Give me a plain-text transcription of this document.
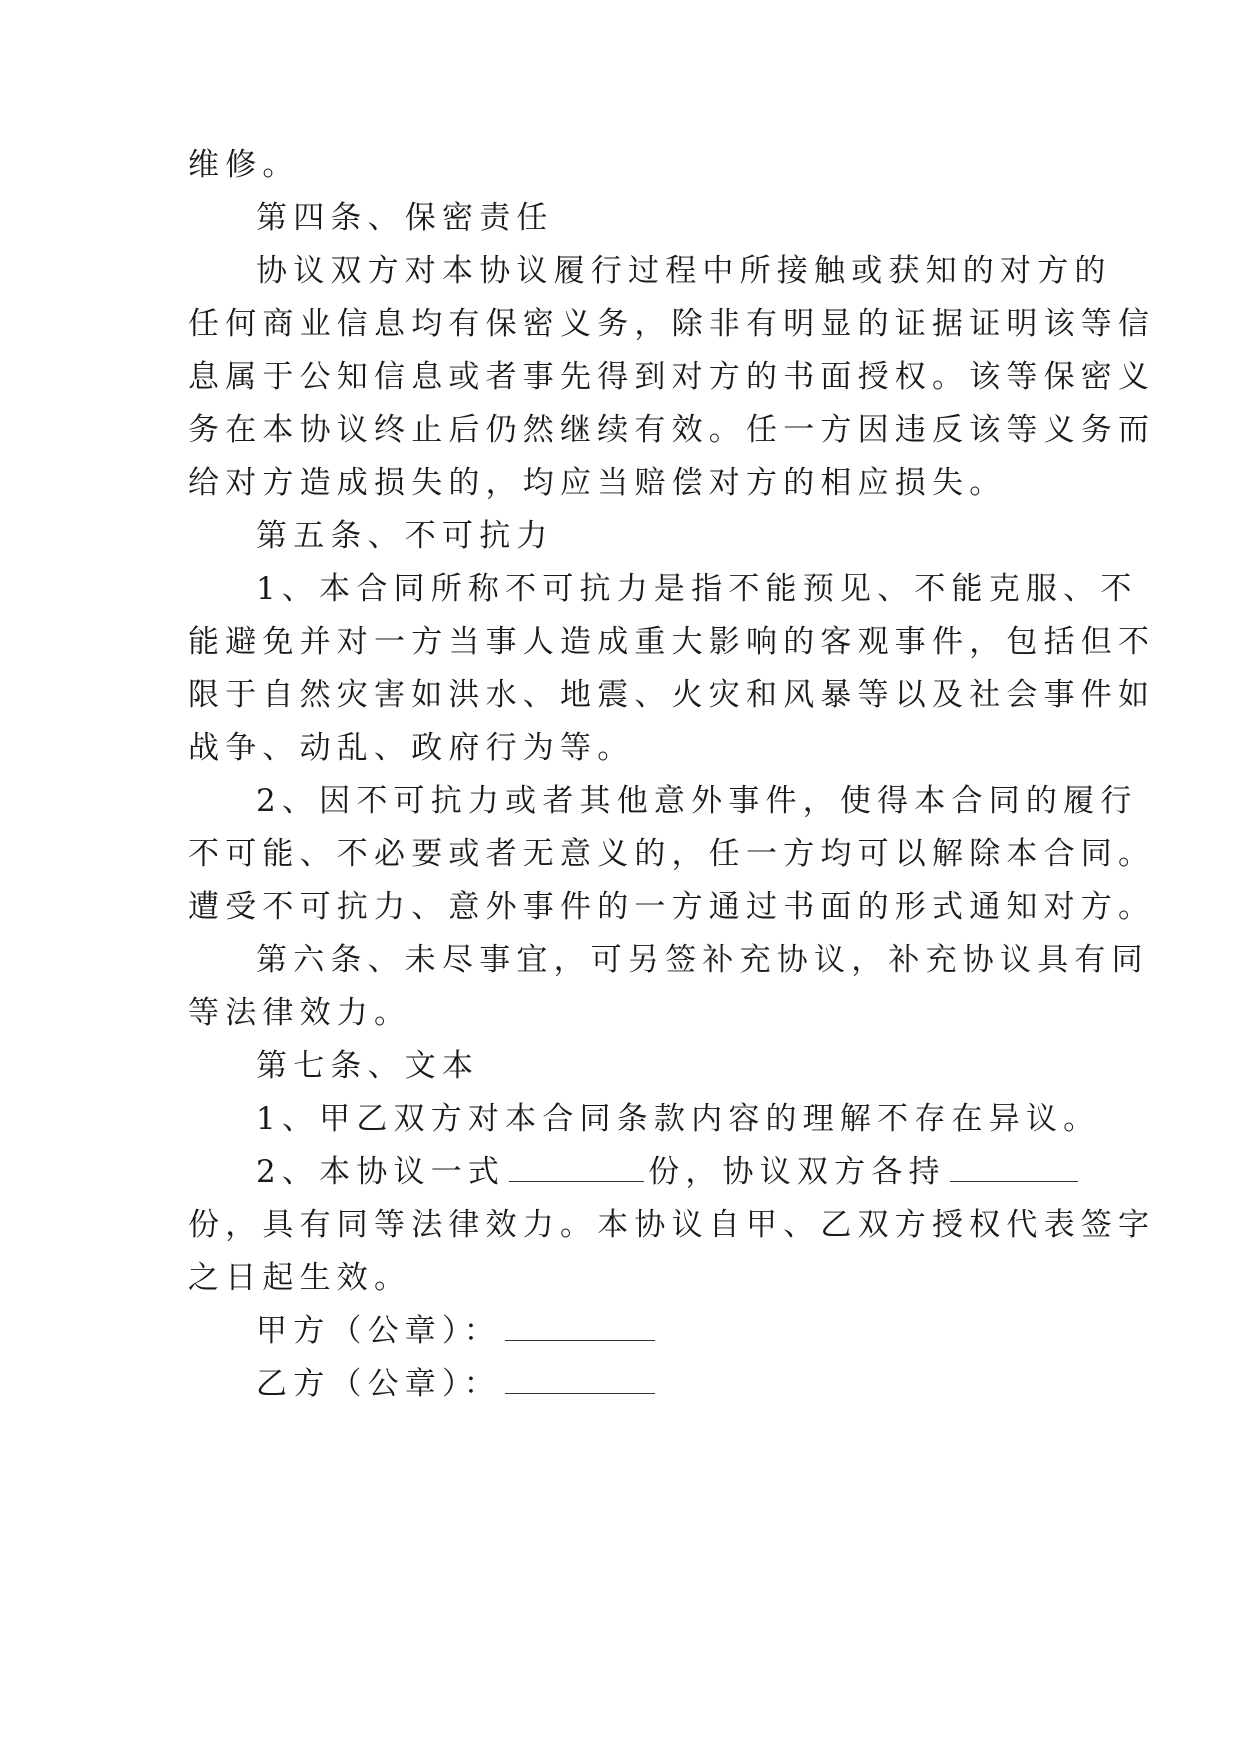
维修。
第四条、保密责任
协议双方对本协议履行过程中所接触或获知的对方的
任何商业信息均有保密义务，除非有明显的证据证明该等信
息属于公知信息或者事先得到对方的书面授权。该等保密义
务在本协议终止后仍然继续有效。任一方因违反该等义务而
给对方造成损失的，均应当赔偿对方的相应损失。
第五条、不可抗力
1、本合同所称不可抗力是指不能预见、不能克服、不
能避免并对一方当事人造成重大影响的客观事件，包括但不
限于自然灾害如洪水、地震、火灾和风暴等以及社会事件如
战争、动乱、政府行为等。
2、因不可抗力或者其他意外事件，使得本合同的履行
不可能、不必要或者无意义的，任一方均可以解除本合同。
遭受不可抗力、意外事件的一方通过书面的形式通知对方。
第六条、未尽事宜，可另签补充协议，补充协议具有同
等法律效力。
第七条、文本
1、甲乙双方对本合同条款内容的理解不存在异议。
2、本协议一式	份，协议双方各持
份，具有同等法律效力。本协议自甲、乙双方授权代表签字
之日起生效。
甲方（公章）：
乙方（公章）：
